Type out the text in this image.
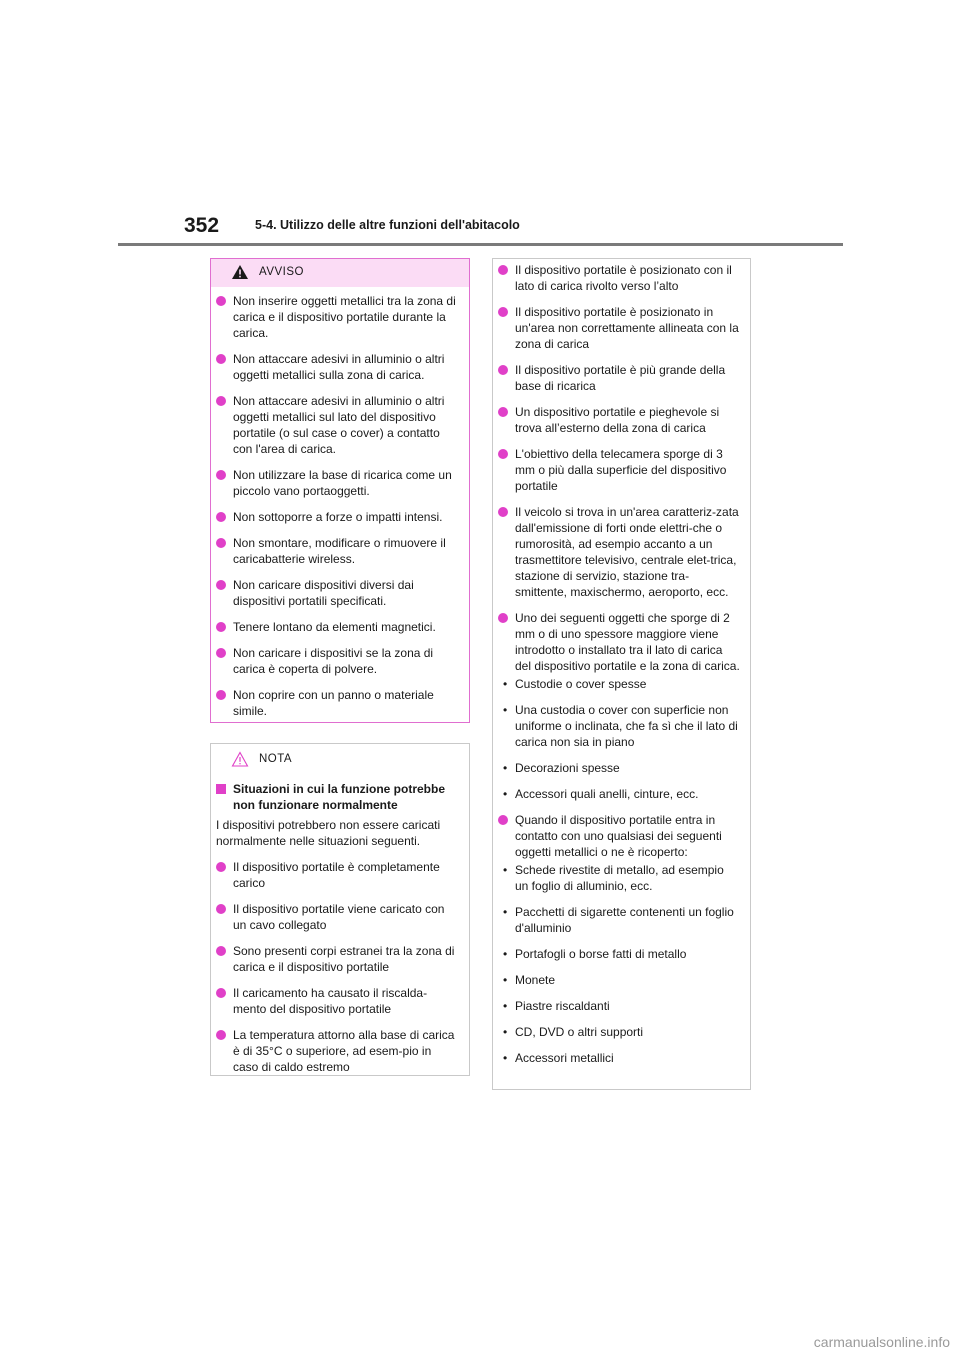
352	5-4. Utilizzo delle altre funzioni dell'abitacolo
AVVISO
Non inserire oggetti metallici tra la zona di carica e il dispositivo portatile durante la carica.
Non attaccare adesivi in alluminio o altri oggetti metallici sulla zona di carica.
Non attaccare adesivi in alluminio o altri oggetti metallici sul lato del dispositivo portatile (o sul case o cover) a contatto con l'area di carica.
Non utilizzare la base di ricarica come un piccolo vano portaoggetti.
Non sottoporre a forze o impatti intensi.
Non smontare, modificare o rimuovere il caricabatterie wireless.
Non caricare dispositivi diversi dai dispositivi portatili specificati.
Tenere lontano da elementi magnetici.
Non caricare i dispositivi se la zona di carica è coperta di polvere.
Non coprire con un panno o materiale simile.
NOTA
Situazioni in cui la funzione potrebbe non funzionare normalmente
I dispositivi potrebbero non essere caricati normalmente nelle situazioni seguenti.
Il dispositivo portatile è completamente carico
Il dispositivo portatile viene caricato con un cavo collegato
Sono presenti corpi estranei tra la zona di carica e il dispositivo portatile
Il caricamento ha causato il riscalda-mento del dispositivo portatile
La temperatura attorno alla base di carica è di 35°C o superiore, ad esem-pio in caso di caldo estremo
Il dispositivo portatile è posizionato con il lato di carica rivolto verso l’alto
Il dispositivo portatile è posizionato in un'area non correttamente allineata con la zona di carica
Il dispositivo portatile è più grande della base di ricarica
Un dispositivo portatile e pieghevole si trova all’esterno della zona di carica
L'obiettivo della telecamera sporge di 3 mm o più dalla superficie del dispositivo portatile
Il veicolo si trova in un'area caratteriz-zata dall'emissione di forti onde elettri-che o rumorosità, ad esempio accanto a un trasmettitore televisivo, centrale elet-trica, stazione di servizio, stazione tra-smittente, maxischermo, aeroporto, ecc.
Uno dei seguenti oggetti che sporge di 2 mm o di uno spessore maggiore viene introdotto o installato tra il lato di carica del dispositivo portatile e la zona di carica.
• Custodie o cover spesse
• Una custodia o cover con superficie non uniforme o inclinata, che fa sì che il lato di carica non sia in piano
• Decorazioni spesse
• Accessori quali anelli, cinture, ecc.
Quando il dispositivo portatile entra in contatto con uno qualsiasi dei seguenti oggetti metallici o ne è ricoperto:
• Schede rivestite di metallo, ad esempio un foglio di alluminio, ecc.
• Pacchetti di sigarette contenenti un foglio d'alluminio
• Portafogli o borse fatti di metallo
• Monete
• Piastre riscaldanti
• CD, DVD o altri supporti
• Accessori metallici
carmanualsonline.info
